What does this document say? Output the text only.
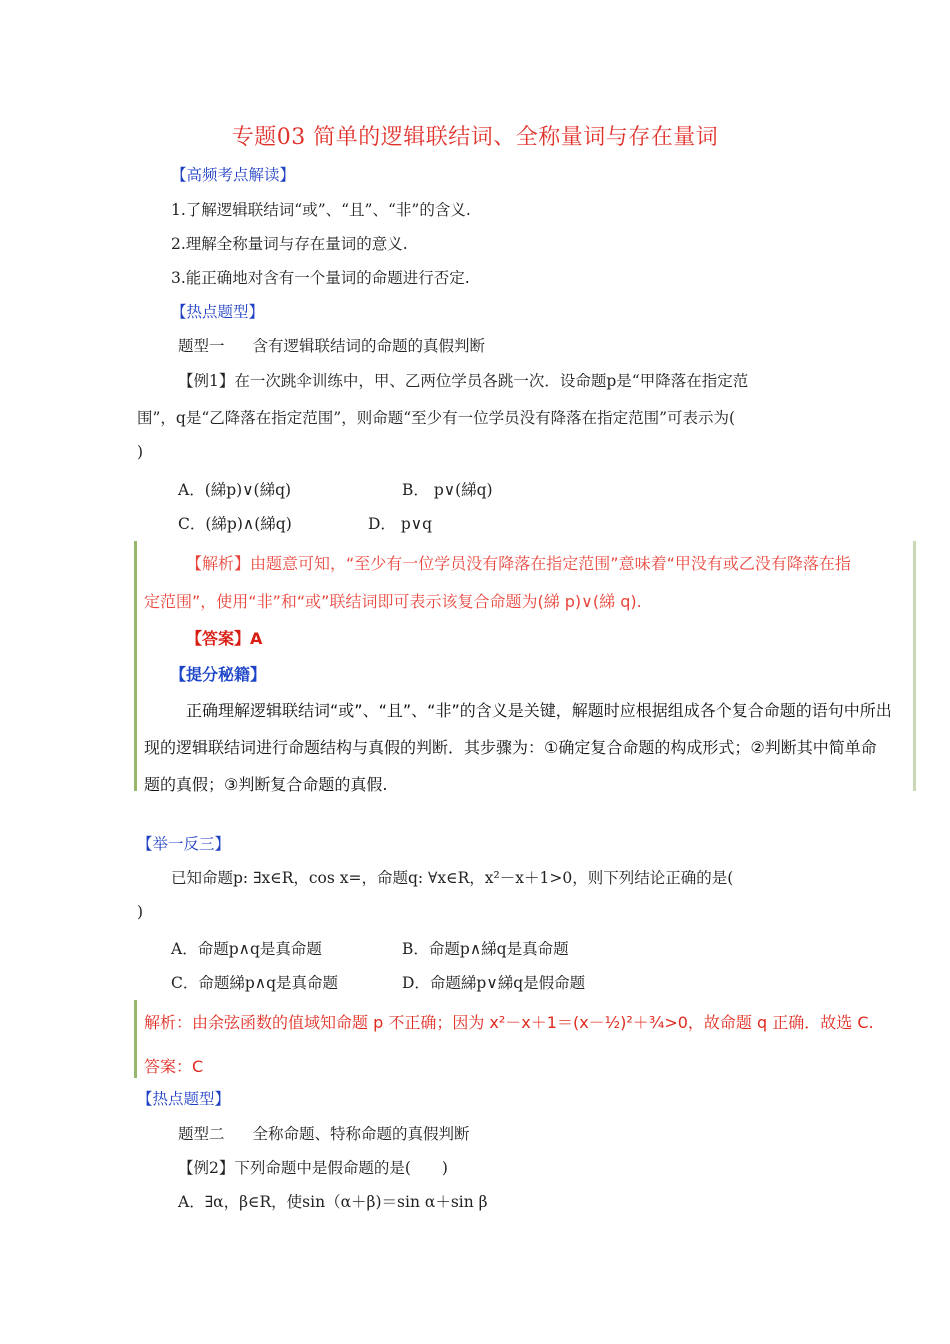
专题03 简单的逻辑联结词、全称量词与存在量词
【高频考点解读】
1.了解逻辑联结词“或”、“且”、“非”的含义.
2.理解全称量词与存在量词的意义.
3.能正确地对含有一个量词的命题进行否定.
【热点题型】
题型一 含有逻辑联结词的命题的真假判断
【例1】在一次跳伞训练中，甲、乙两位学员各跳一次．设命题p是“甲降落在指定范
围”，q是“乙降落在指定范围”，则命题“至少有一位学员没有降落在指定范围”可表示为(
)
A．(綈p)∨(綈q)	B． p∨(綈q)
C．(綈p)∧(綈q)	D． p∨q
【解析】由题意可知，“至少有一位学员没有降落在指定范围”意味着“甲没有或乙没有降落在指
定范围”，使用“非”和“或”联结词即可表示该复合命题为(綈 p)∨(綈 q).
【答案】A
【提分秘籍】
正确理解逻辑联结词“或”、“且”、“非”的含义是关键，解题时应根据组成各个复合命题的语句中所出
现的逻辑联结词进行命题结构与真假的判断．其步骤为：①确定复合命题的构成形式；②判断其中简单命
题的真假；③判断复合命题的真假.
【举一反三】
已知命题p: ∃x∈R，cos x=，命题q: ∀x∈R，x²－x＋1>0，则下列结论正确的是(
)
A．命题p∧q是真命题	B．命题p∧綈q是真命题
C．命题綈p∧q是真命题	D．命题綈p∨綈q是假命题
解析：由余弦函数的值域知命题 p 不正确；因为 x²－x＋1＝(x－½)²＋¾>0，故命题 q 正确．故选 C.
答案：C
【热点题型】
题型二 全称命题、特称命题的真假判断
【例2】下列命题中是假命题的是(　　)
A．∃α，β∈R，使sin（α＋β)＝sin α＋sin β
